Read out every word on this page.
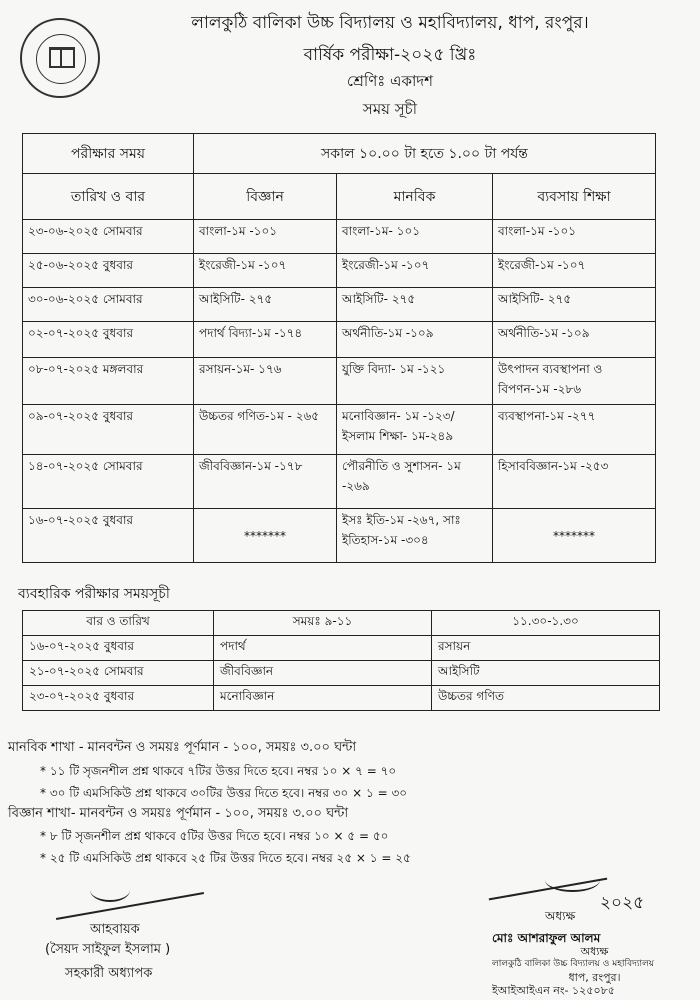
লালকুঠি বালিকা উচ্চ বিদ্যালয় ও মহাবিদ্যালয়, ধাপ, রংপুর।
বার্ষিক পরীক্ষা-২০২৫ খ্রিঃ
শ্রেণিঃ একাদশ
সময় সূচী
পরীক্ষার সময়	সকাল ১০.০০ টা হতে ১.০০ টা পর্যন্ত		
তারিখ ও বার	বিজ্ঞান	মানবিক	ব্যবসায় শিক্ষা
২৩-০৬-২০২৫ সোমবার	বাংলা-১ম -১০১	বাংলা-১ম- ১০১	বাংলা-১ম -১০১
২৫-০৬-২০২৫ বুধবার	ইংরেজী-১ম -১০৭	ইংরেজী-১ম -১০৭	ইংরেজী-১ম -১০৭
৩০-০৬-২০২৫ সোমবার	আইসিটি- ২৭৫	আইসিটি- ২৭৫	আইসিটি- ২৭৫
০২-০৭-২০২৫ বুধবার	পদার্থ বিদ্যা-১ম -১৭৪	অর্থনীতি-১ম -১০৯	অর্থনীতি-১ম -১০৯
০৮-০৭-২০২৫ মঙ্গলবার	রসায়ন-১ম- ১৭৬	যুক্তি বিদ্যা- ১ম -১২১	উৎপাদন ব্যবস্থাপনা ও বিপণন-১ম -২৮৬
০৯-০৭-২০২৫ বুধবার	উচ্চতর গণিত-১ম - ২৬৫	মনোবিজ্ঞান- ১ম -১২৩/ ইসলাম শিক্ষা- ১ম-২৪৯	ব্যবস্থাপনা-১ম -২৭৭
১৪-০৭-২০২৫ সোমবার	জীববিজ্ঞান-১ম -১৭৮	পৌরনীতি ও সুশাসন- ১ম -২৬৯	হিসাববিজ্ঞান-১ম -২৫৩
১৬-০৭-২০২৫ বুধবার	*******	ইসঃ ইতি-১ম -২৬৭, সাঃ ইতিহাস-১ম -৩০৪	*******
ব্যবহারিক পরীক্ষার সময়সূচী
বার ও তারিখ	সময়ঃ ৯-১১	১১.৩০-১.৩০
১৬-০৭-২০২৫ বুধবার	পদার্থ	রসায়ন
২১-০৭-২০২৫ সোমবার	জীববিজ্ঞান	আইসিটি
২৩-০৭-২০২৫ বুধবার	মনোবিজ্ঞান	উচ্চতর গণিত
মানবিক শাখা - মানবন্টন ও সময়ঃ পূর্ণমান - ১০০, সময়ঃ ৩.০০ ঘন্টা
* ১১ টি সৃজনশীল প্রশ্ন থাকবে ৭টির উত্তর দিতে হবে। নম্বর ১০ × ৭ = ৭০
* ৩০ টি এমসিকিউ প্রশ্ন থাকবে ৩০টির উত্তর দিতে হবে। নম্বর ৩০ × ১ = ৩০
বিজ্ঞান শাখা- মানবন্টন ও সময়ঃ পূর্ণমান - ১০০, সময়ঃ ৩.০০ ঘন্টা
* ৮ টি সৃজনশীল প্রশ্ন থাকবে ৫টির উত্তর দিতে হবে। নম্বর ১০ × ৫ = ৫০
* ২৫ টি এমসিকিউ প্রশ্ন থাকবে ২৫ টির উত্তর দিতে হবে। নম্বর ২৫ × ১ = ২৫
আহবায়ক
(সৈয়দ সাইফুল ইসলাম )
সহকারী অধ্যাপক
অধ্যক্ষ
২০২৫
মোঃ আশরাফুল আলম
অধ্যক্ষ
লালকুঠি বালিকা উচ্চ বিদ্যালয় ও মহাবিদ্যালয়
ধাপ, রংপুর।
ইআইআইএন নং- ১২৫০৮৫
